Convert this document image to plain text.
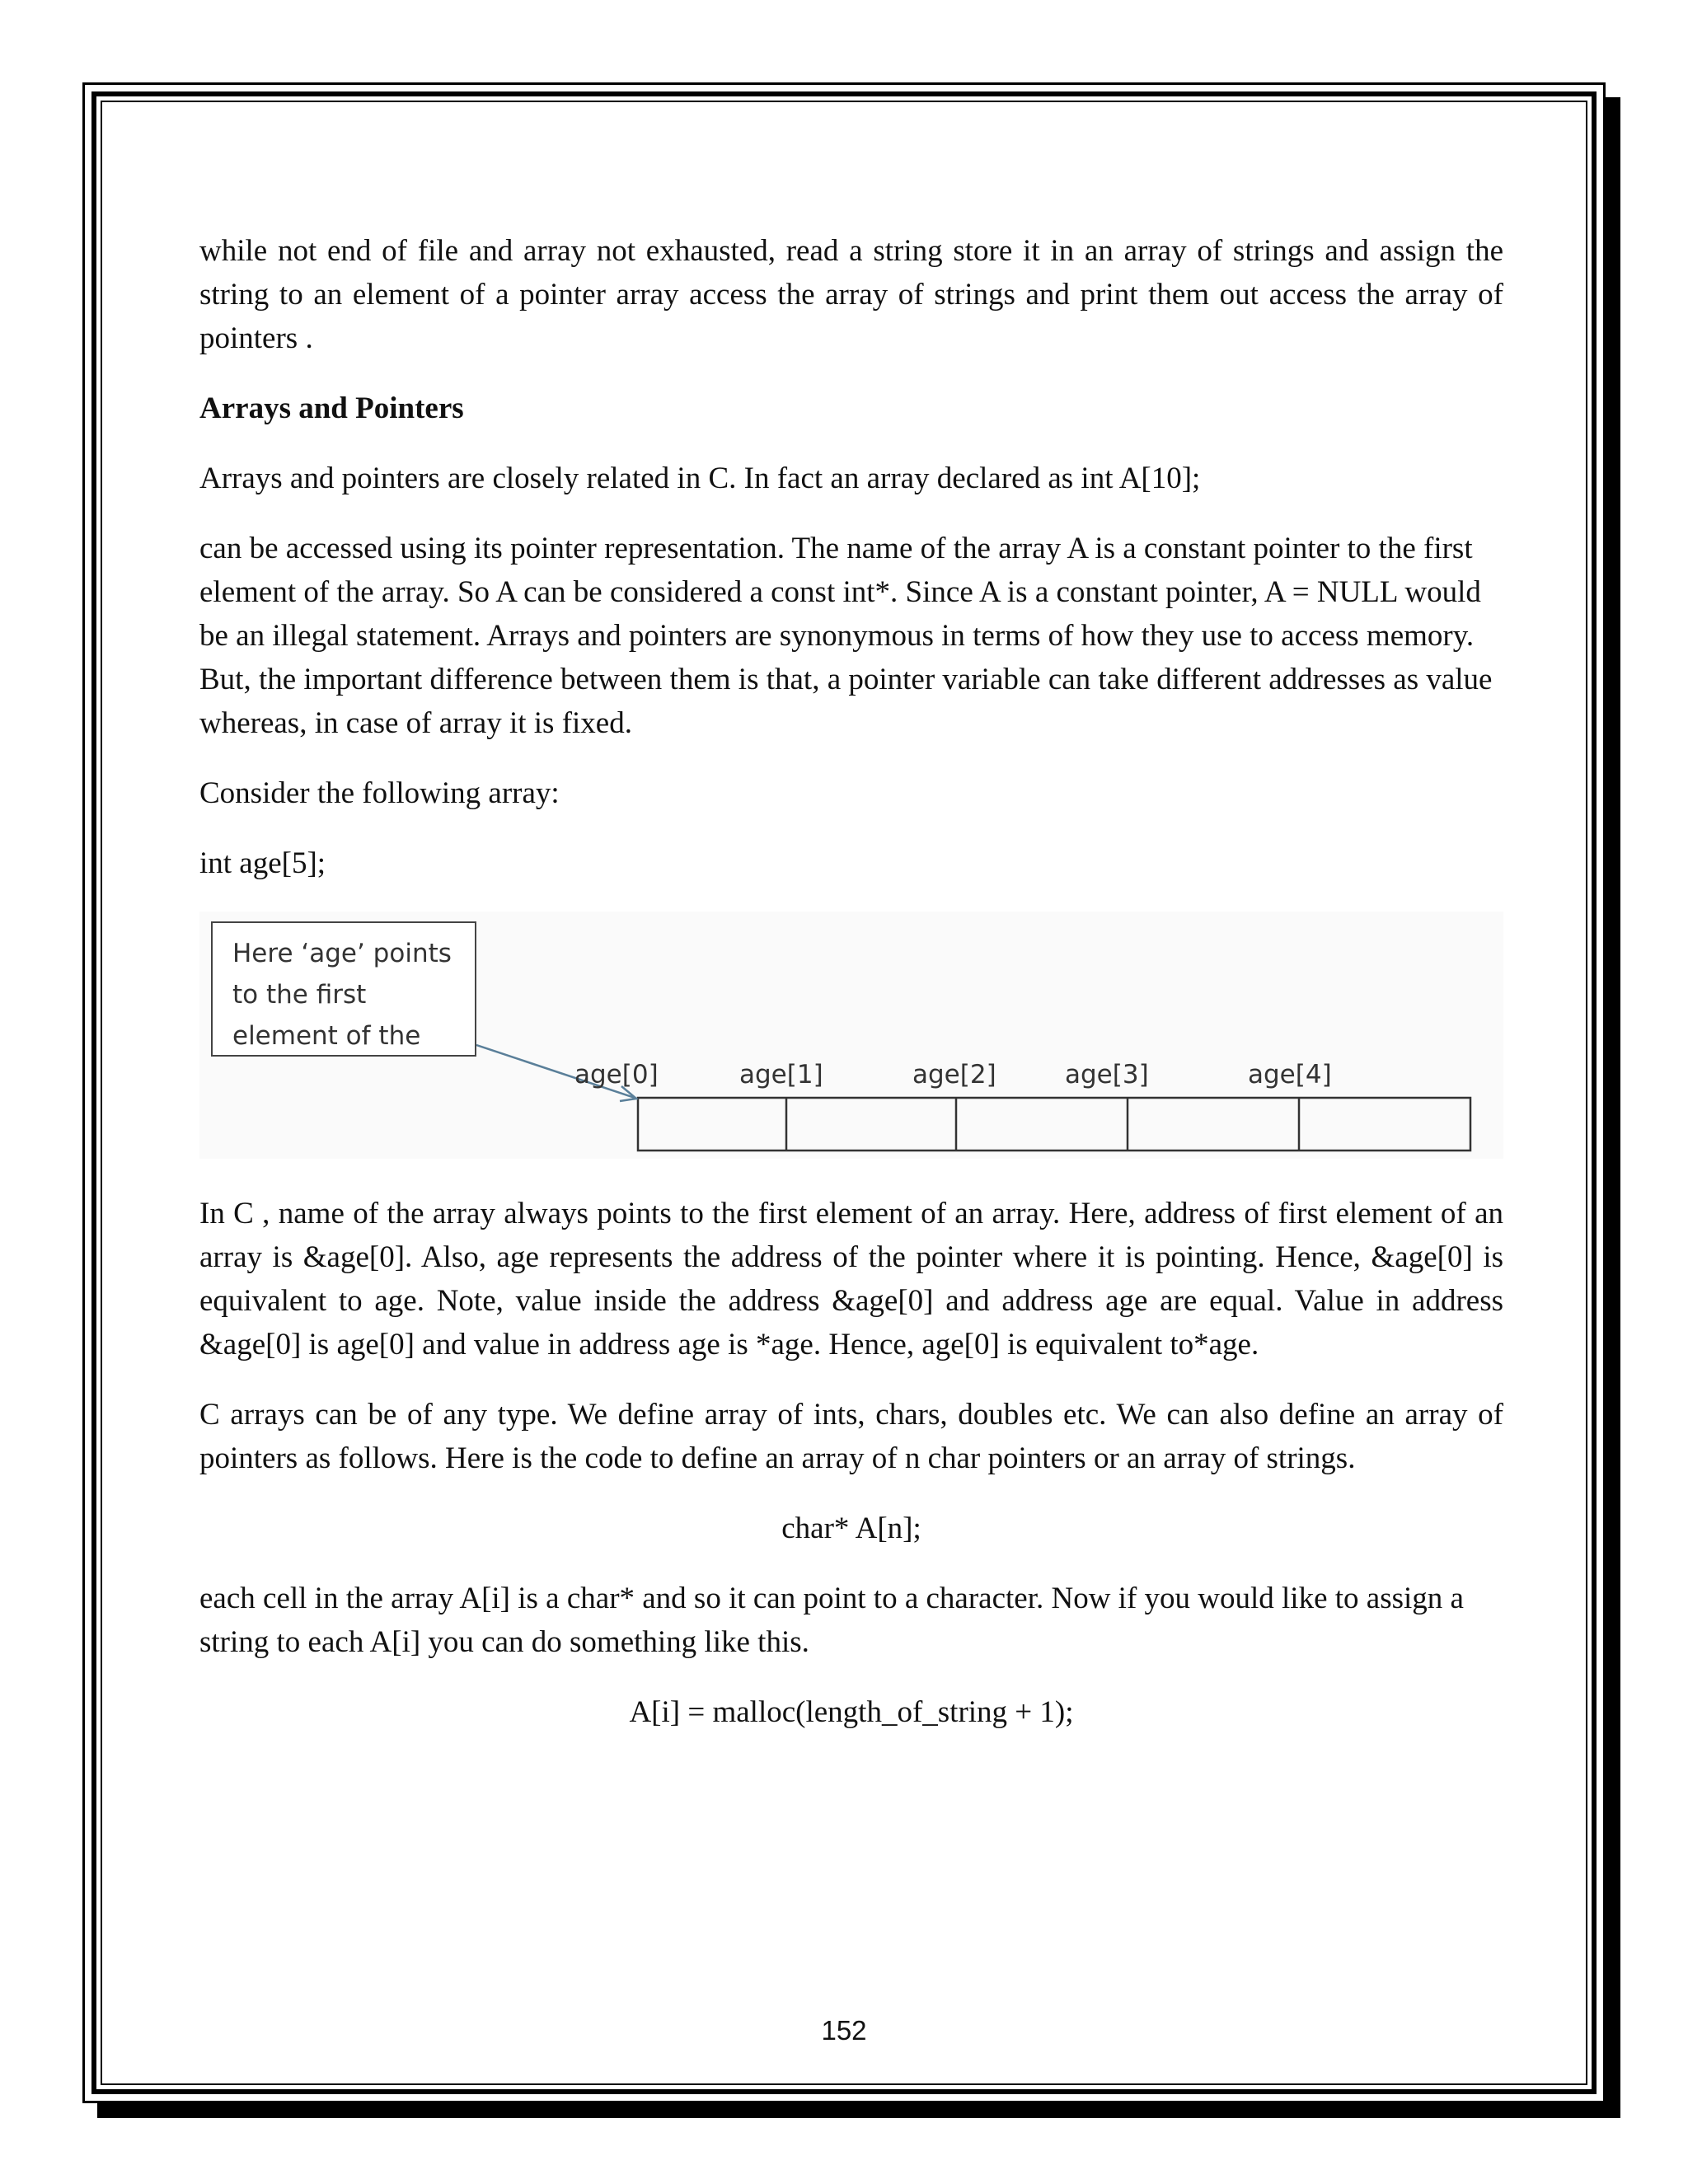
while not end of file and array not exhausted, read a string store it in an array of strings and assign the string to an element of a pointer array access the array of strings and print them out access the array of pointers .

Arrays and Pointers

Arrays and pointers are closely related in C. In fact an array declared as int A[10];

can be accessed using its pointer representation. The name of the array A is a constant pointer to the first element of the array. So A can be considered a const int*. Since A is a constant pointer, A = NULL would be an illegal statement. Arrays and pointers are synonymous in terms of how they use to access memory. But, the important difference between them is that, a pointer variable can take different addresses as value whereas, in case of array it is fixed.

Consider the following array:

int age[5];

Here ‘age’ points
to the first
element of the
age[0]	age[1]	age[2]	age[3]	age[4]

In C , name of the array always points to the first element of an array. Here, address of first element of an array is &age[0]. Also, age represents the address of the pointer where it is pointing. Hence, &age[0] is equivalent to age. Note, value inside the address &age[0] and address age are equal. Value in address &age[0] is age[0] and value in address age is *age. Hence, age[0] is equivalent to*age.

C arrays can be of any type. We define array of ints, chars, doubles etc. We can also define an array of pointers as follows. Here is the code to define an array of n char pointers or an array of strings.

char* A[n];

each cell in the array A[i] is a char* and so it can point to a character. Now if you would like to assign a string to each A[i] you can do something like this.

A[i] = malloc(length_of_string + 1);

152
